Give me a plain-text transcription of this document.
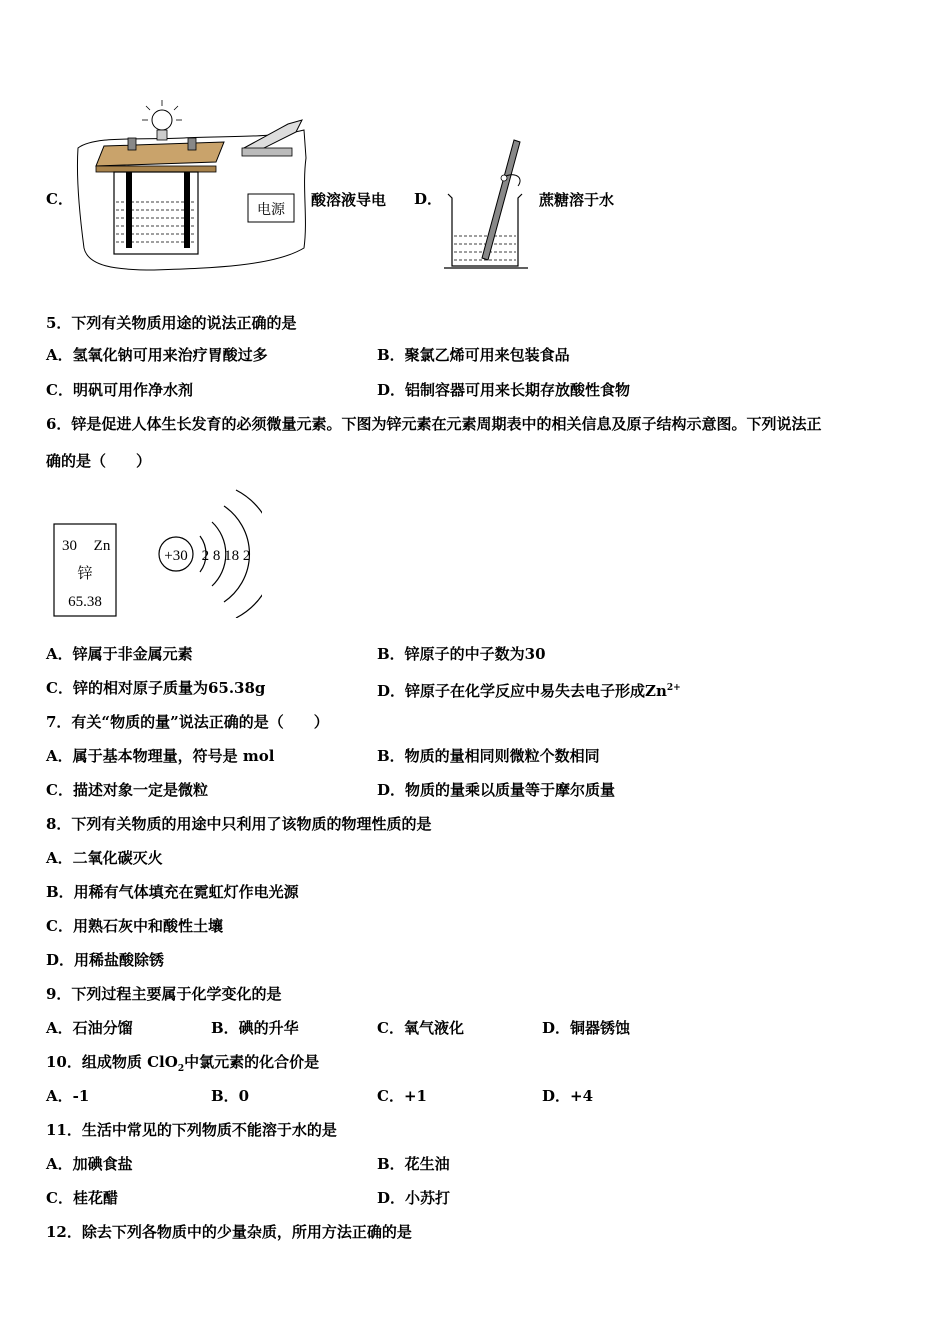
C．
电源
酸溶液导电 D．	蔗糖溶于水
5．下列有关物质用途的说法正确的是
A．氢氧化钠可用来治疗胃酸过多	B．聚氯乙烯可用来包装食品
C．明矾可用作净水剂	D．铝制容器可用来长期存放酸性食物
6．锌是促进人体生长发育的必须微量元素。下图为锌元素在元素周期表中的相关信息及原子结构示意图。下列说法正
确的是（　　）
30 Zn
锌
65.38
+30 2 8 18 2
A．锌属于非金属元素	B．锌原子的中子数为30
C．锌的相对原子质量为65.38g	D．锌原子在化学反应中易失去电子形成$Zn^{2+}$
7．有关“物质的量”说法正确的是（　　）
A．属于基本物理量，符号是 mol	B．物质的量相同则微粒个数相同
C．描述对象一定是微粒	D．物质的量乘以质量等于摩尔质量
8．下列有关物质的用途中只利用了该物质的物理性质的是
A．二氧化碳灭火
B．用稀有气体填充在霓虹灯作电光源
C．用熟石灰中和酸性土壤
D．用稀盐酸除锈
9．下列过程主要属于化学变化的是
A．石油分馏	B．碘的升华	C．氧气液化	D．铜器锈蚀
10．组成物质 ClO$_2$中氯元素的化合价是
A．-1	B．0	C．+1	D．+4
11．生活中常见的下列物质不能溶于水的是
A．加碘食盐	B．花生油
C．桂花醋	D．小苏打
12．除去下列各物质中的少量杂质，所用方法正确的是
